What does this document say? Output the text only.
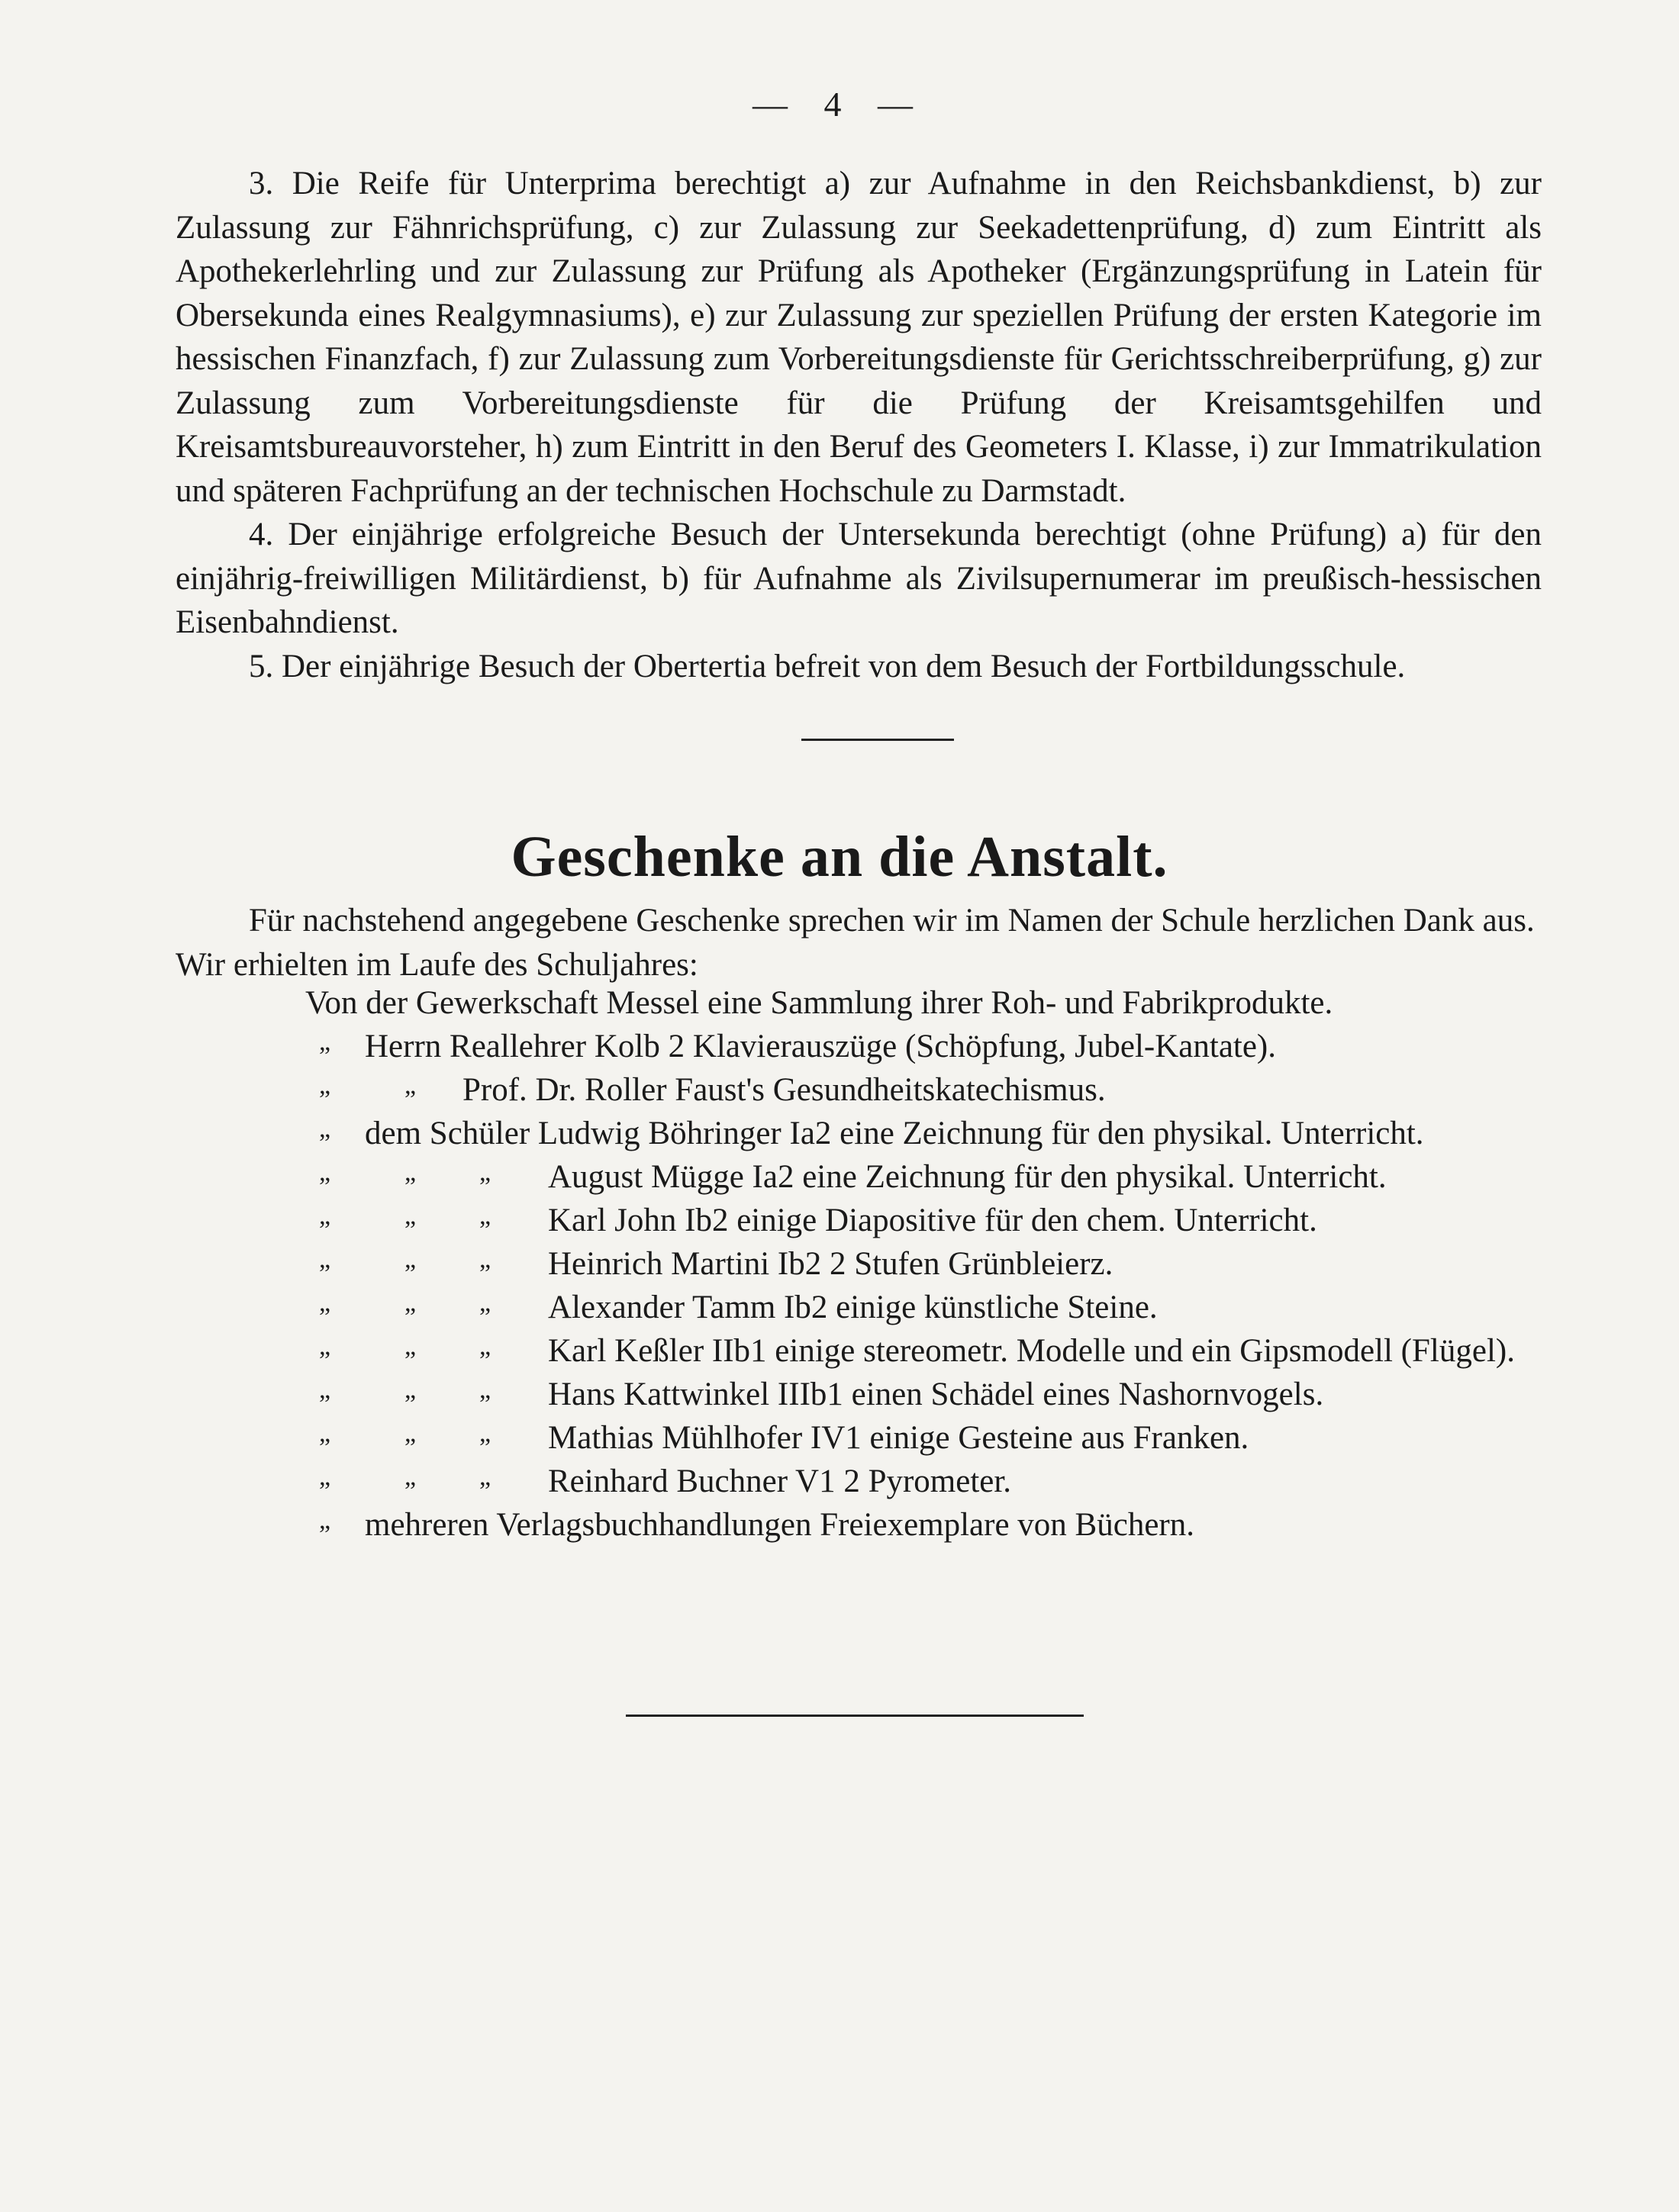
— 4 —

3. Die Reife für Unterprima berechtigt a) zur Aufnahme in den Reichsbankdienst, b) zur Zulassung zur Fähnrichsprüfung, c) zur Zulassung zur Seekadettenprüfung, d) zum Eintritt als Apothekerlehrling und zur Zulassung zur Prüfung als Apotheker (Ergänzungsprüfung in Latein für Obersekunda eines Realgymnasiums), e) zur Zulassung zur speziellen Prüfung der ersten Kategorie im hessischen Finanzfach, f) zur Zulassung zum Vorbereitungsdienste für Gerichtsschreiberprüfung, g) zur Zulassung zum Vorbereitungsdienste für die Prüfung der Kreisamtsgehilfen und Kreisamtsbureauvorsteher, h) zum Eintritt in den Beruf des Geometers I. Klasse, i) zur Immatrikulation und späteren Fachprüfung an der technischen Hochschule zu Darmstadt.

4. Der einjährige erfolgreiche Besuch der Untersekunda berechtigt (ohne Prüfung) a) für den einjährig-freiwilligen Militärdienst, b) für Aufnahme als Zivilsupernumerar im preußisch-hessischen Eisenbahndienst.

5. Der einjährige Besuch der Obertertia befreit von dem Besuch der Fortbildungsschule.

Geschenke an die Anstalt.
Für nachstehend angegebene Geschenke sprechen wir im Namen der Schule herzlichen Dank aus.
Wir erhielten im Laufe des Schuljahres:
Von der Gewerkschaft Messel eine Sammlung ihrer Roh- und Fabrikprodukte.
„ Herrn Reallehrer Kolb 2 Klavierauszüge (Schöpfung, Jubel-Kantate).
„	„ Prof. Dr. Roller Faust's Gesundheitskatechismus.
„ dem Schüler Ludwig Böhringer Ia2 eine Zeichnung für den physikal. Unterricht.
„	„ „ August Mügge Ia2 eine Zeichnung für den physikal. Unterricht.
„	„ „ Karl John Ib2 einige Diapositive für den chem. Unterricht.
„	„ „ Heinrich Martini Ib2 2 Stufen Grünbleierz.
„	„ „ Alexander Tamm Ib2 einige künstliche Steine.
„	„ „ Karl Keßler IIb1 einige stereometr. Modelle und ein Gipsmodell (Flügel).
„	„ „ Hans Kattwinkel IIIb1 einen Schädel eines Nashornvogels.
„	„ „ Mathias Mühlhofer IV1 einige Gesteine aus Franken.
„	„ „ Reinhard Buchner V1 2 Pyrometer.
„ mehreren Verlagsbuchhandlungen Freiexemplare von Büchern.
